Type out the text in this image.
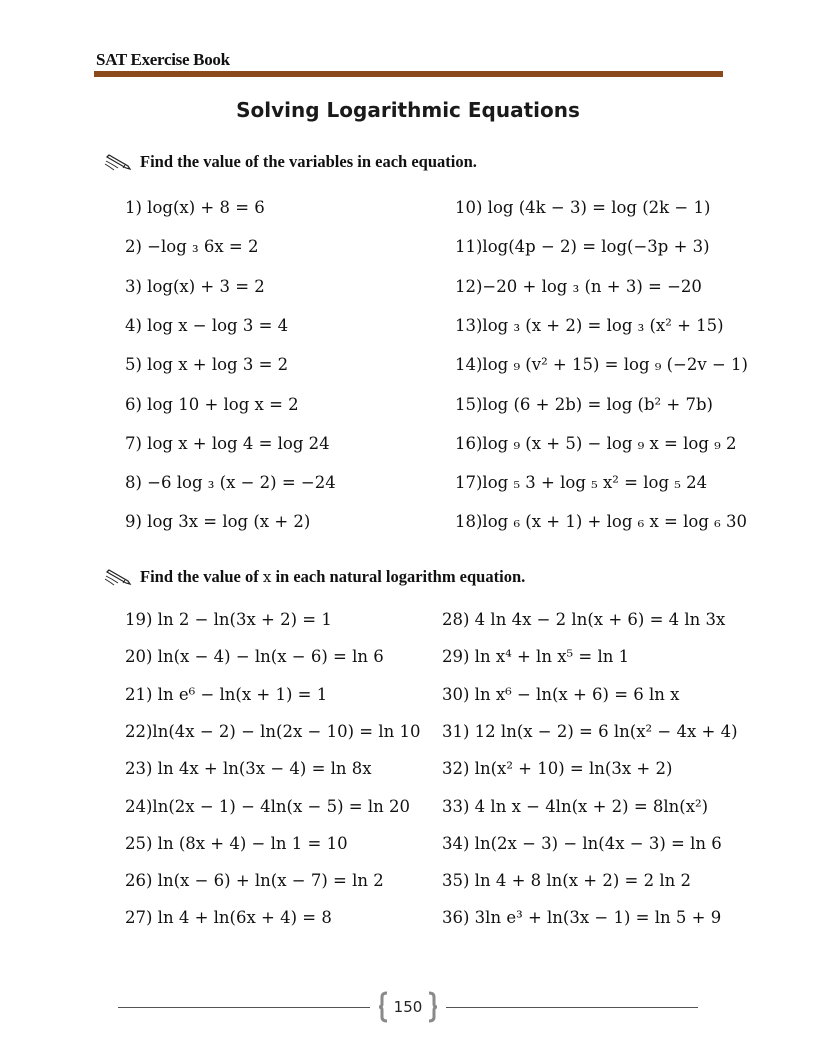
SAT Exercise Book
Solving Logarithmic Equations
Find the value of the variables in each equation.
1) log(x) + 8 = 6
2) −log ₃ 6x = 2
3) log(x) + 3 = 2
4) log x − log 3 = 4
5) log x + log 3 = 2
6) log 10 + log x = 2
7) log x + log 4 = log 24
8) −6 log ₃ (x − 2) = −24
9) log 3x = log (x + 2)
10) log (4k − 3) = log (2k − 1)
11)log(4p − 2) = log(−3p + 3)
12)−20 + log ₃ (n + 3) = −20
13)log ₃ (x + 2) = log ₃ (x² + 15)
14)log ₉ (v² + 15) = log ₉ (−2v − 1)
15)log (6 + 2b) = log (b² + 7b)
16)log ₉ (x + 5) − log ₉ x = log ₉ 2
17)log ₅ 3 + log ₅ x² = log ₅ 24
18)log ₆ (x + 1) + log ₆ x = log ₆ 30
Find the value of
x
in each natural logarithm equation.
19) ln 2 − ln(3x + 2) = 1
20) ln(x − 4) − ln(x − 6) = ln 6
21) ln e⁶ − ln(x + 1) = 1
22)ln(4x − 2) − ln(2x − 10) = ln 10
23) ln 4x + ln(3x − 4) = ln 8x
24)ln(2x − 1) − 4ln(x − 5) = ln 20
25) ln (8x + 4) − ln 1 = 10
26) ln(x − 6) + ln(x − 7) = ln 2
27) ln 4 + ln(6x + 4) = 8
28) 4 ln 4x − 2 ln(x + 6) = 4 ln 3x
29) ln x⁴ + ln x⁵ = ln 1
30) ln x⁶ − ln(x + 6) = 6 ln x
31) 12 ln(x − 2) = 6 ln(x² − 4x + 4)
32) ln(x² + 10) = ln(3x + 2)
33) 4 ln x − 4ln(x + 2) = 8ln(x²)
34) ln(2x − 3) − ln(4x − 3) = ln 6
35) ln 4 + 8 ln(x + 2) = 2 ln 2
36) 3ln e³ + ln(3x − 1) = ln 5 + 9
150
